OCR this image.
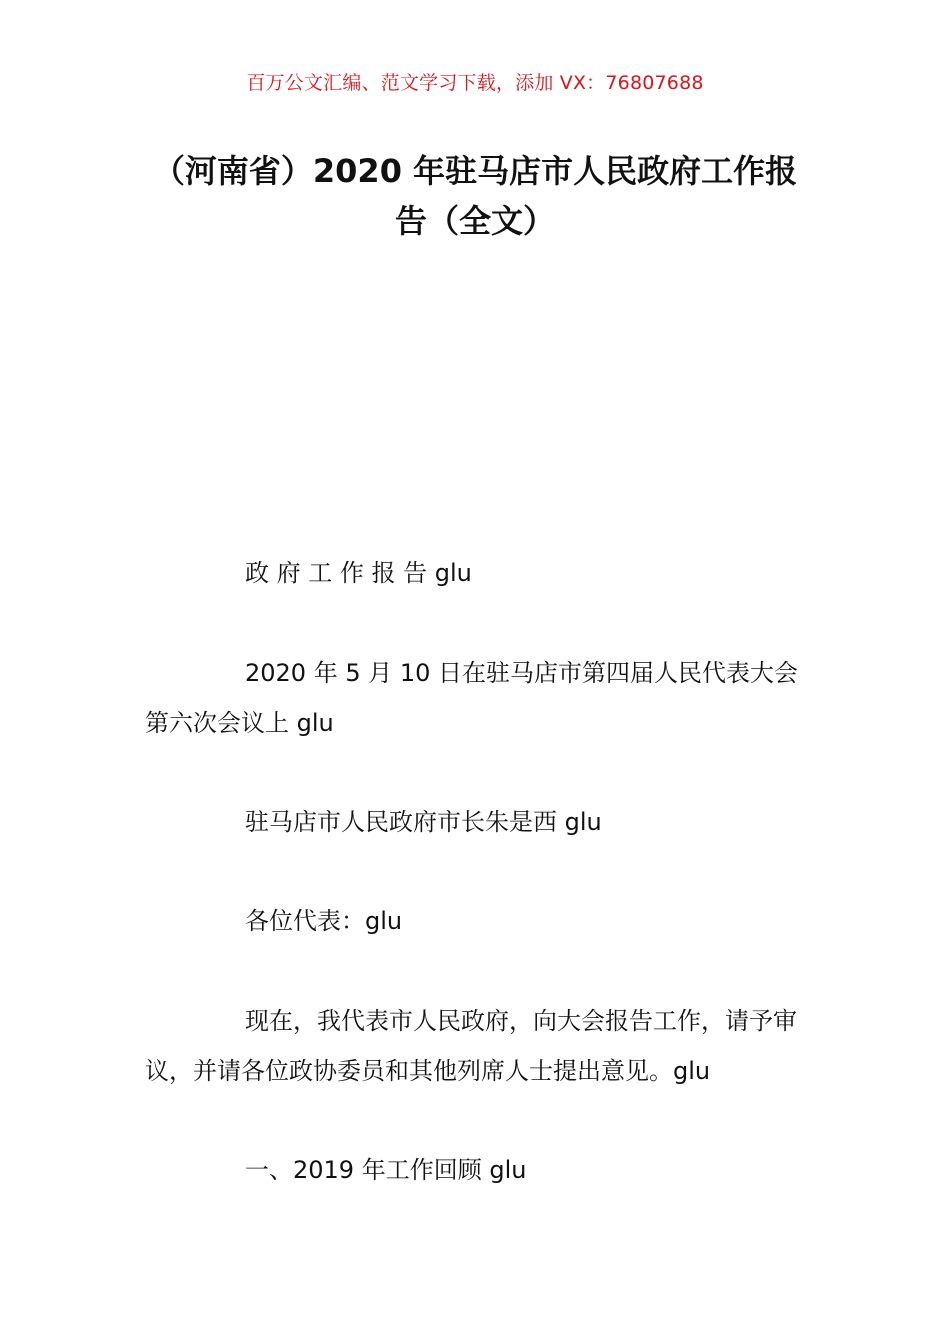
百万公文汇编、范文学习下载，添加 VX：76807688
（河南省）2020 年驻马店市人民政府工作报告（全文）
政 府 工 作 报 告 glu
2020 年 5 月 10 日在驻马店市第四届人民代表大会第六次会议上 glu
驻马店市人民政府市长朱是西 glu
各位代表：glu
现在，我代表市人民政府，向大会报告工作，请予审议，并请各位政协委员和其他列席人士提出意见。glu
一、2019 年工作回顾 glu
